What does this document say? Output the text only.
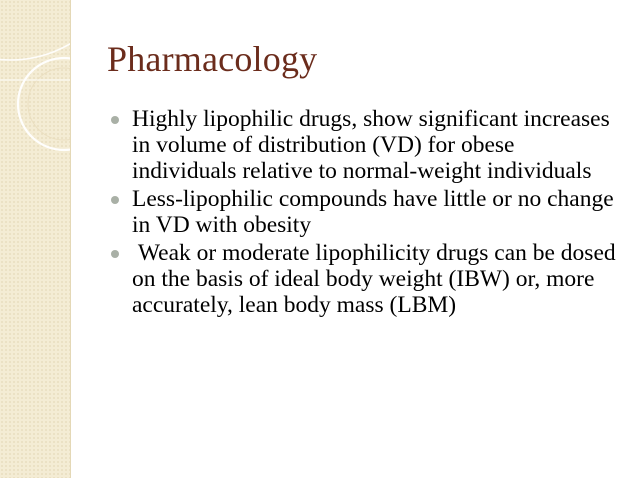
Pharmacology
Highly lipophilic drugs, show significant increases in volume of distribution (VD) for obese individuals relative to normal-weight individuals
Less-lipophilic compounds have little or no change in VD with obesity
Weak or moderate lipophilicity drugs can be dosed on the basis of ideal body weight (IBW) or, more accurately, lean body mass (LBM)
